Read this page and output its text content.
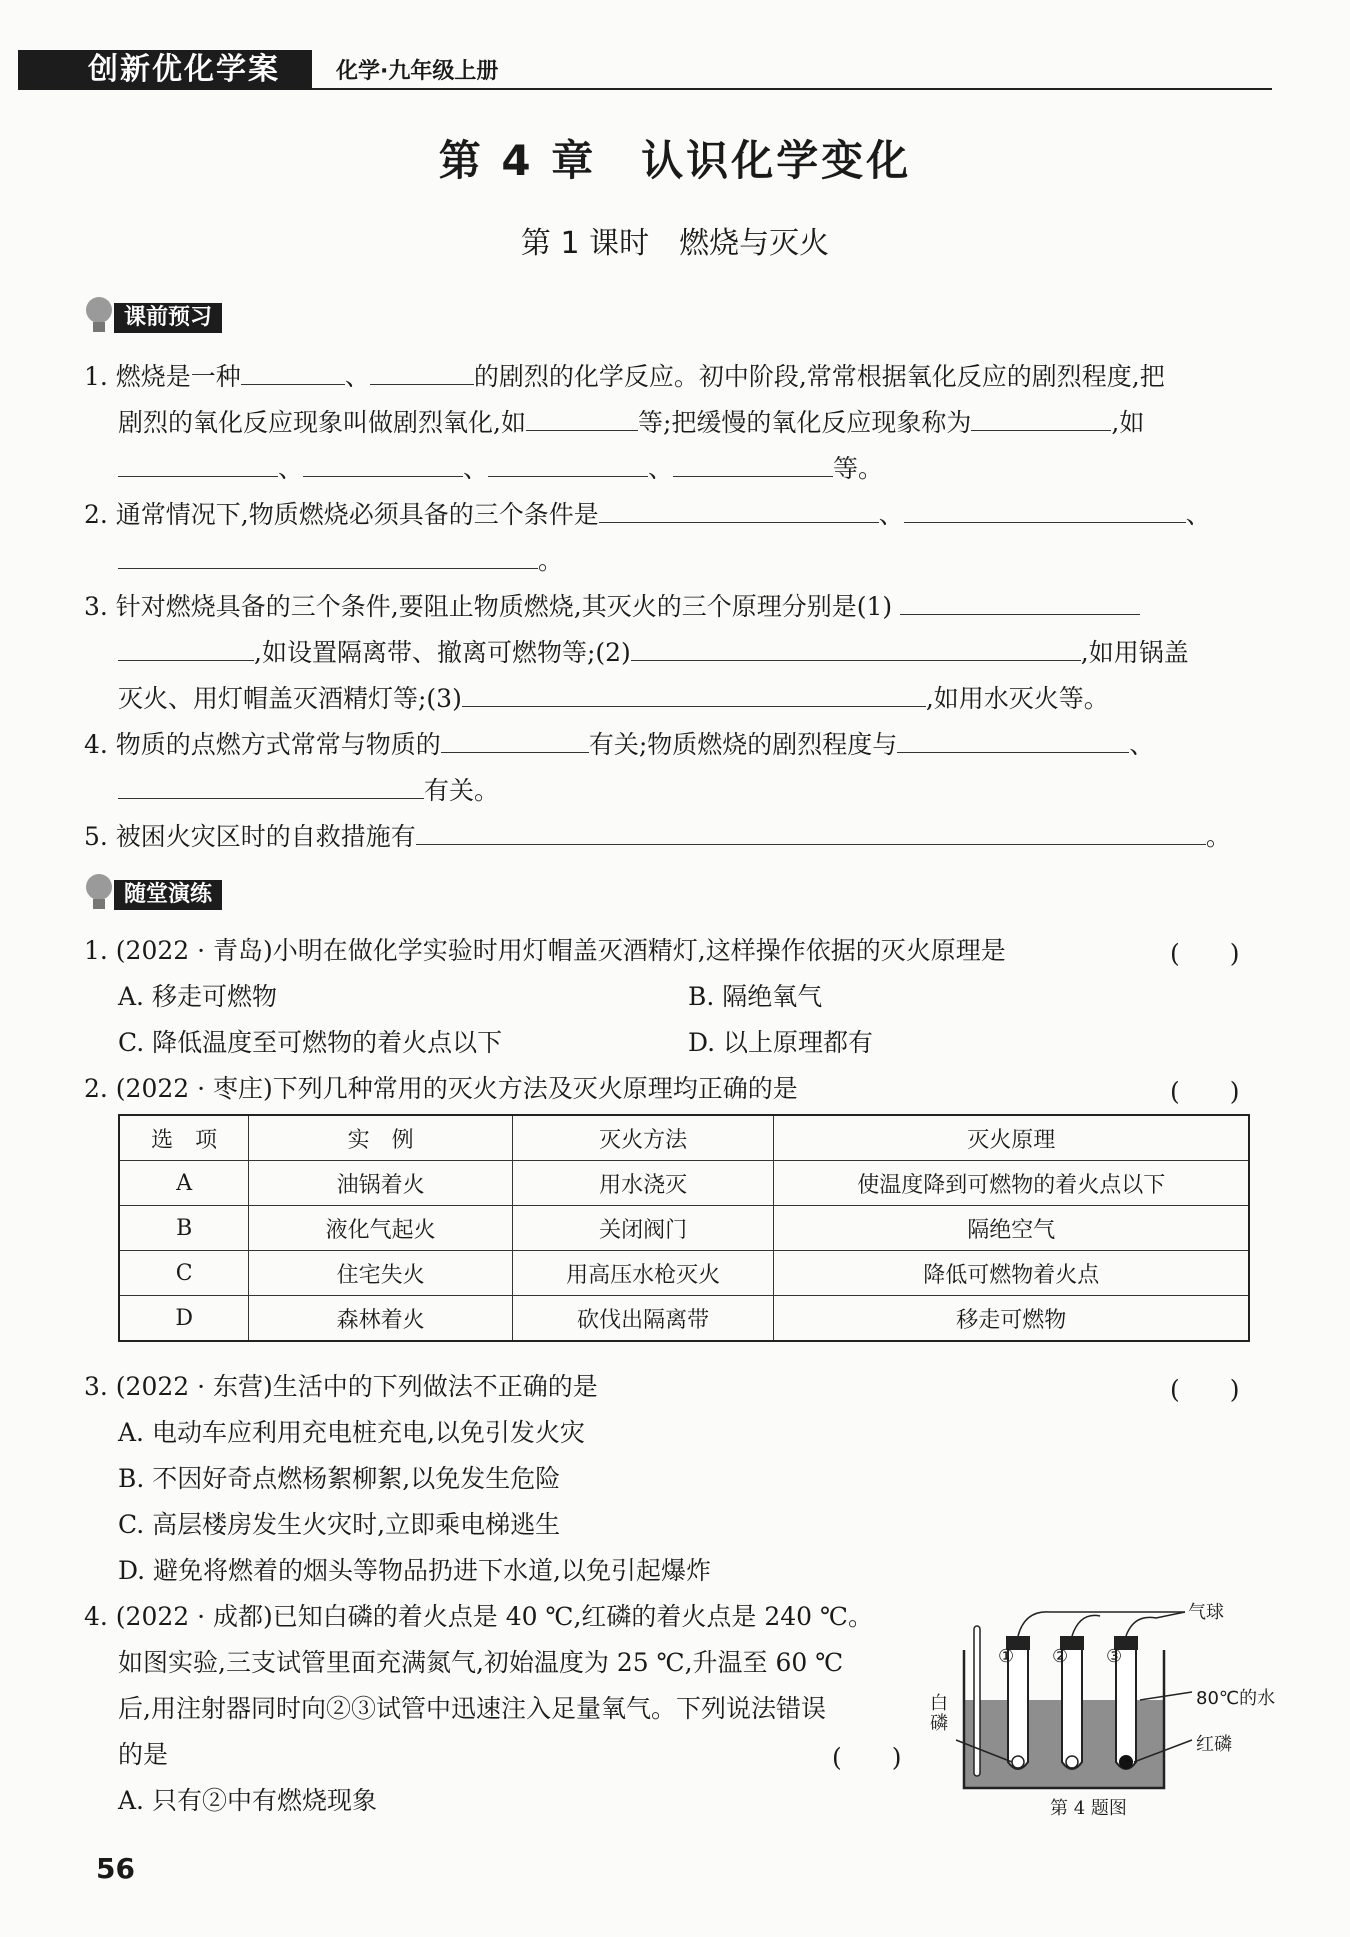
创新优化学案	化学·九年级上册
第 4 章　认识化学变化
第 1 课时　燃烧与灭火
课前预习
1. 燃烧是一种	、	的剧烈的化学反应。初中阶段,常常根据氧化反应的剧烈程度,把
剧烈的氧化反应现象叫做剧烈氧化,如	等;把缓慢的氧化反应现象称为	,如
、	、	、	等。
2. 通常情况下,物质燃烧必须具备的三个条件是	、	、
。
3. 针对燃烧具备的三个条件,要阻止物质燃烧,其灭火的三个原理分别是(1)
,如设置隔离带、撤离可燃物等;(2)	,如用锅盖
灭火、用灯帽盖灭酒精灯等;(3)	,如用水灭火等。
4. 物质的点燃方式常常与物质的	有关;物质燃烧的剧烈程度与	、
有关。
5. 被困火灾区时的自救措施有	。
随堂演练
1. (2022 · 青岛)小明在做化学实验时用灯帽盖灭酒精灯,这样操作依据的灭火原理是	(　　)
A. 移走可燃物	B. 隔绝氧气
C. 降低温度至可燃物的着火点以下	D. 以上原理都有
2. (2022 · 枣庄)下列几种常用的灭火方法及灭火原理均正确的是	(　　)
选　项	实　例	灭火方法	灭火原理
A	油锅着火	用水浇灭	使温度降到可燃物的着火点以下
B	液化气起火	关闭阀门	隔绝空气
C	住宅失火	用高压水枪灭火	降低可燃物着火点
D	森林着火	砍伐出隔离带	移走可燃物
3. (2022 · 东营)生活中的下列做法不正确的是	(　　)
A. 电动车应利用充电桩充电,以免引发火灾
B. 不因好奇点燃杨絮柳絮,以免发生危险
C. 高层楼房发生火灾时,立即乘电梯逃生
D. 避免将燃着的烟头等物品扔进下水道,以免引起爆炸
4. (2022 · 成都)已知白磷的着火点是 40 ℃,红磷的着火点是 240 ℃。
如图实验,三支试管里面充满氮气,初始温度为 25 ℃,升温至 60 ℃
后,用注射器同时向②③试管中迅速注入足量氧气。下列说法错误
的是	(　　)
A. 只有②中有燃烧现象
气球
80℃的水
红磷
白磷
① ② ③
第 4 题图
56
